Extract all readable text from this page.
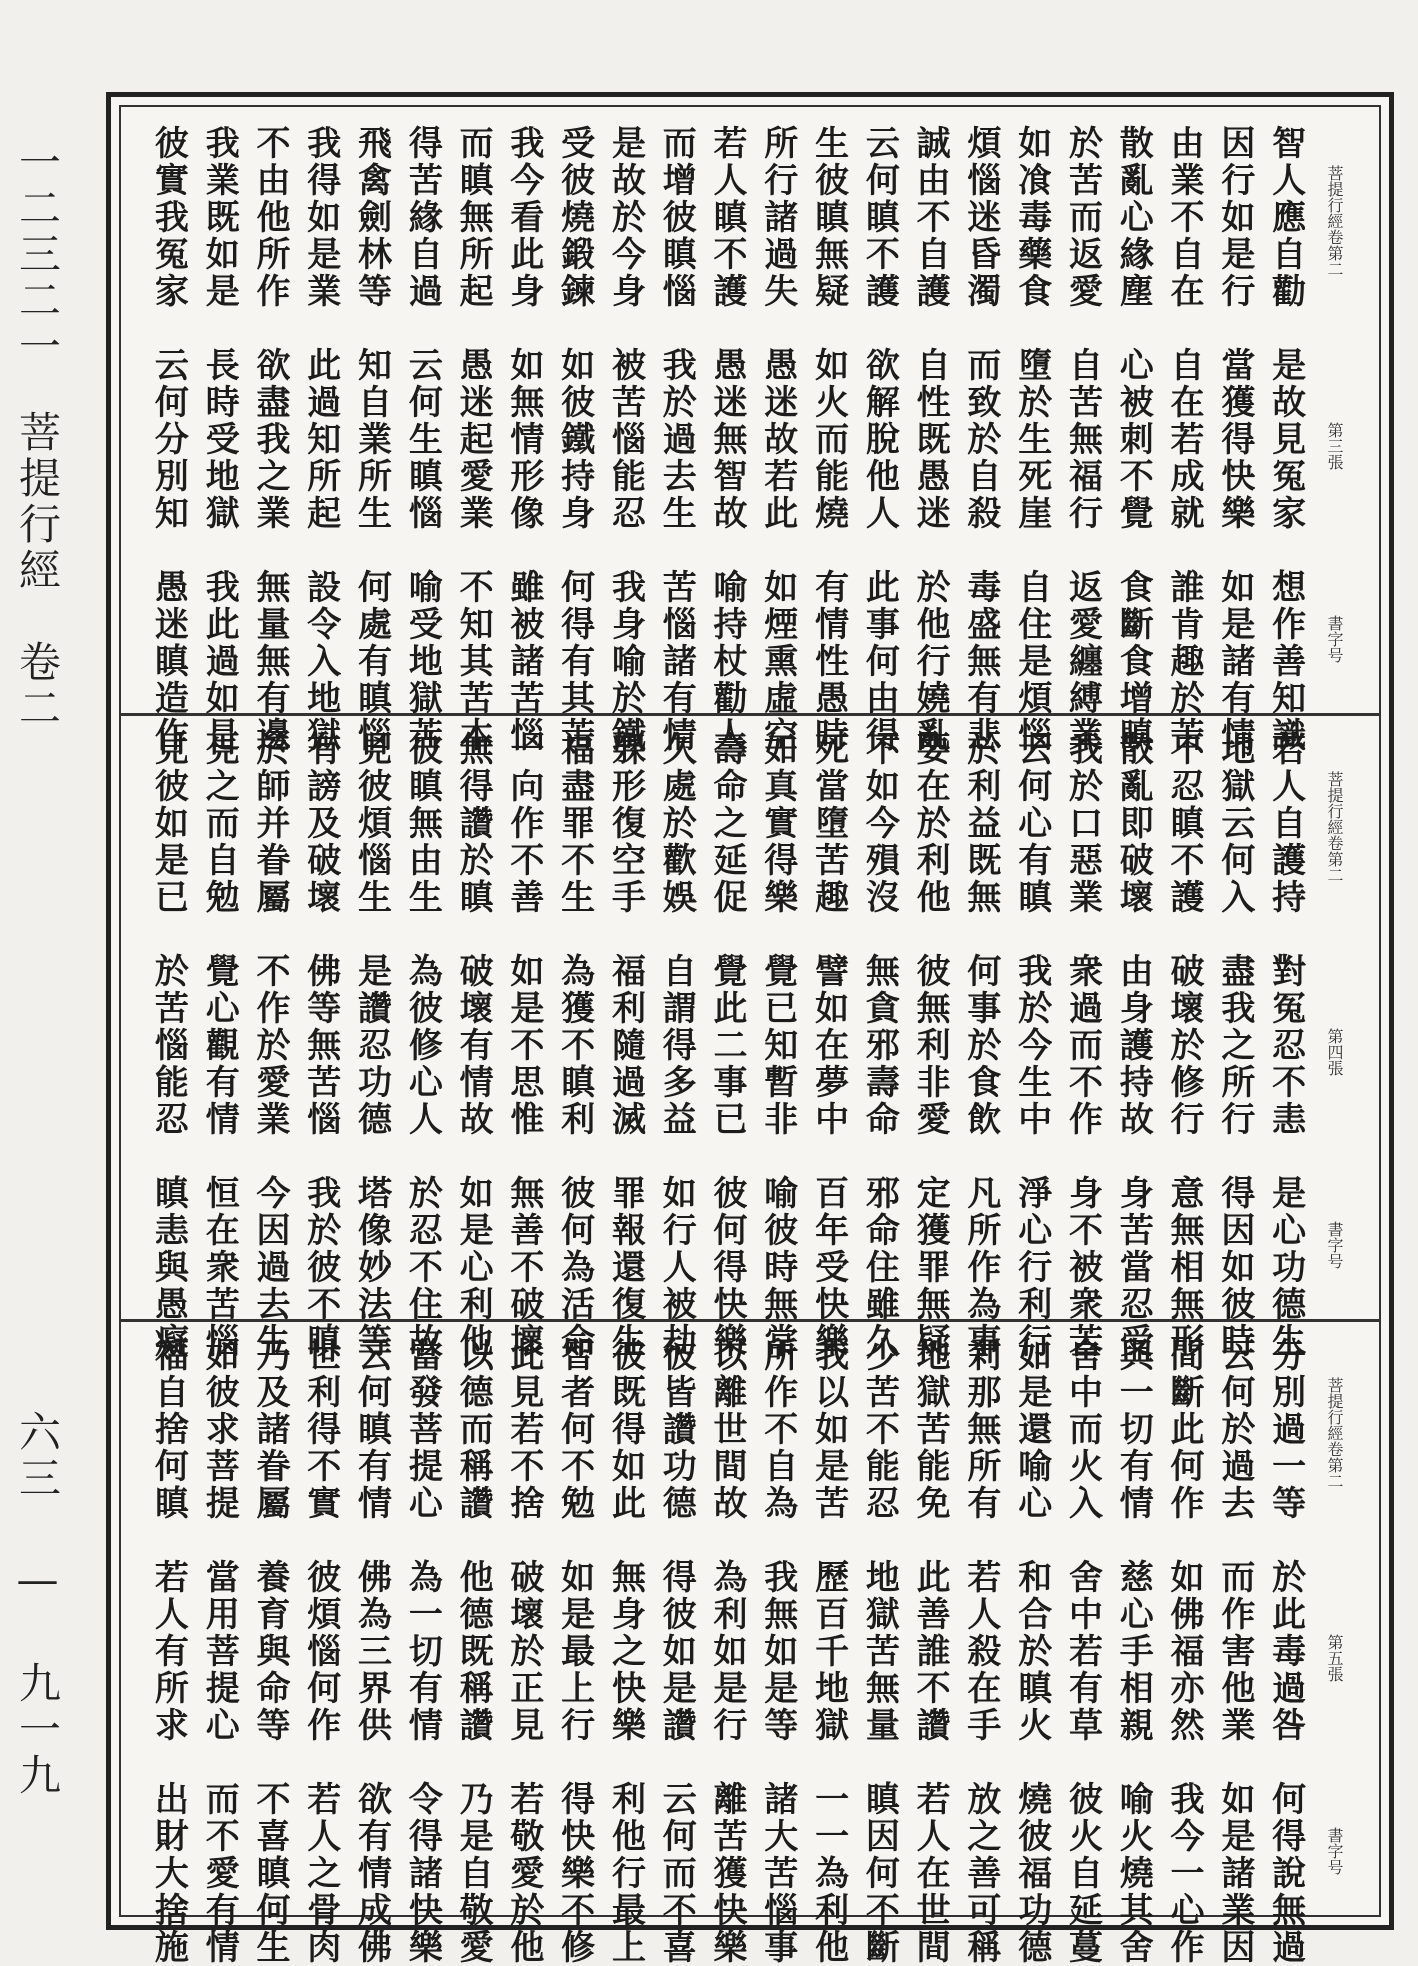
一二三二一
菩提行經　卷二
六三 — 九一九
菩提行經卷第二
第三張
書字号
智人應自勸　是故見冤家　想作善知識
因行如是行　當獲得快樂　如是諸有情
由業不自在　自在若成就　誰肯趣於苦
散亂心緣塵　心被刺不覺　食斷食增瞋
於苦而返愛　自苦無福行　返愛纏縛業
如飡毒藥食　墮於生死崖　自住是煩惱
煩惱迷昏濁　而致於自殺　毒盛無有悲
誠由不自護　自性既愚迷　於他行嬈亂
云何瞋不護　欲解脫他人　此事何由得
生彼瞋無疑　如火而能燒　有情性愚時
所行諸過失　愚迷故若此　如煙熏虛空
若人瞋不護　愚迷無智故　喻持杖勸人
而增彼瞋惱　我於過去生　苦惱諸有情
是故於今身　被苦惱能忍　我身喻於鐵
受彼燒鍛鍊　如彼鐵持身　何得有其苦
我今看此身　如無情形像　雖被諸苦惱
而瞋無所起　愚迷起愛業　不知其苦本
得苦緣自過　云何生瞋惱　喻受地獄苦
飛禽劍林等　知自業所生　何處有瞋惱
我得如是業　此過知所起　設令入地獄
不由他所作　欲盡我之業　無量無有邊
我業既如是　長時受地獄　我此過如是
彼實我冤家　云何分別知　愚迷瞋造作
菩提行經卷第二
第四張
書字号
若人自護持　對冤忍不恚　是心功德生
地獄云何入　盡我之所行　得因如彼時
不忍瞋不護　破壞於修行　意無相無形
散亂即破壞　由身護持故　身苦當忍受
我於口惡業　衆過而不作　身不被衆苦
云何心有瞋　我於今生中　淨心行利行
於利益既無　何事於食飲　凡所作為事
要在於利他　彼無利非愛　定獲罪無疑
不如今殞沒　無貪邪壽命　邪命住雖久
死當墮苦趣　譬如在夢中　百年受快樂
如真實得樂　覺已知暫非　喻彼時無常
壽命之延促　覺此二事已　彼何得快樂
久處於歡娛　自謂得多益　如行人被劫
躶形復空手　福利隨過滅　罪報還復生
福盡罪不生　為獲不瞋利　彼何為活命
一向作不善　如是不思惟　無善不破壞
無得讚於瞋　破壞有情故　如是心利他
彼瞋無由生　為彼修心人　於忍不住故
見彼煩惱生　是讚忍功德　塔像妙法等
有謗及破壞　佛等無苦惱　我於彼不瞋
於師并眷屬　不作於愛業　今因過去生
見之而自勉　覺心觀有情　恒在衆苦惱
見彼如是已　於苦惱能忍　瞋恚與愚癡
菩提行經卷第二
第五張
書字号
分別過一等　於此毒過咎　何得說無過
云何於過去　而作害他業　如是諸業因
間斷此何作　如佛福亦然　我今一心作
與一切有情　慈心手相親　喻火燒其舍
舍中而火入　舍中若有草　彼火自延蔓
如是還喻心　和合於瞋火　燒彼福功德
剎那無所有　若人殺在手　放之善可稱
地獄苦能免　此善誰不讚　若人在世間
少苦不能忍　地獄苦無量　瞋因何不斷
我以如是苦　歷百千地獄　一一為利他
所作不自為　我無如是等　諸大苦惱事
以離世間故　為利如是行　離苦獲快樂
彼皆讚功德　得彼如是讚　云何而不喜
彼既得如此　無身之快樂　利他行最上
智者何不勉　如是最上行　得快樂不修
此見若不捨　破壞於正見　若敬愛於他
以德而稱讚　他德既稱讚　乃是自敬愛
當發菩提心　為一切有情　令得諸快樂
云何瞋有情　佛為三界供　欲有情成佛
世利得不實　彼煩惱何作　若人之骨肉
乃及諸眷屬　養育與命等　不喜瞋何生
如彼求菩提　當用菩提心　而不愛有情
福自捨何瞋　若人有所求　出財大捨施
